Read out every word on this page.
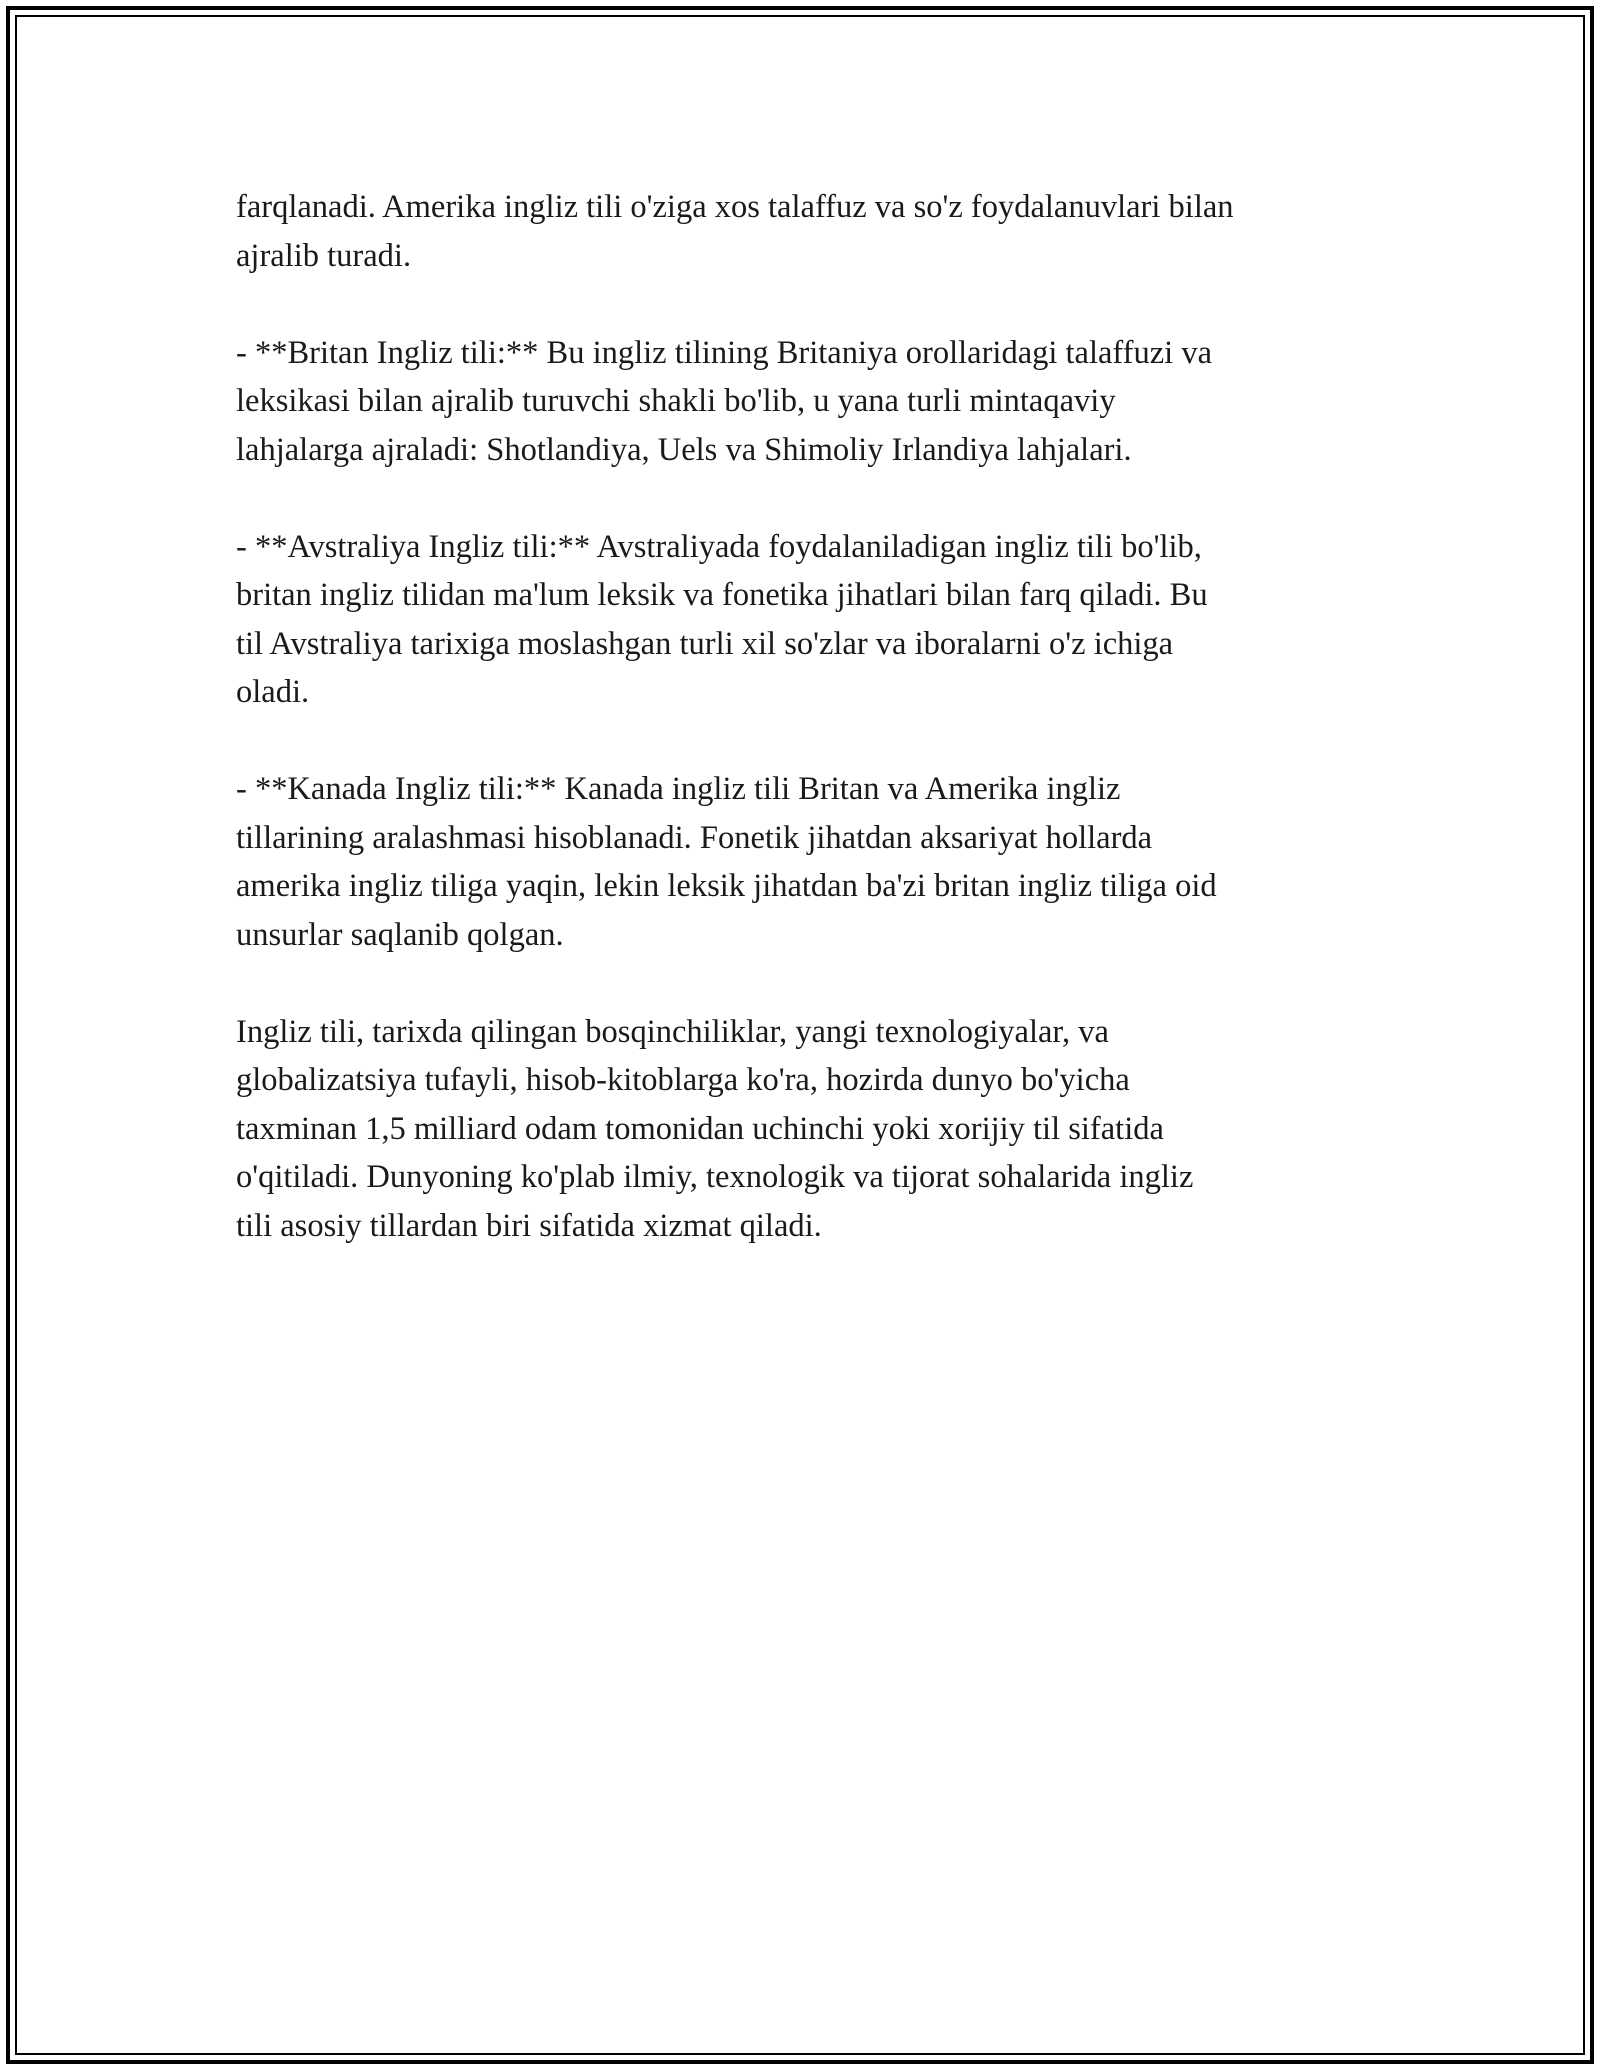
farqlanadi. Amerika ingliz tili o'ziga xos talaffuz va so'z foydalanuvlari bilan
ajralib turadi.

- **Britan Ingliz tili:** Bu ingliz tilining Britaniya orollaridagi talaffuzi va
leksikasi bilan ajralib turuvchi shakli bo'lib, u yana turli mintaqaviy
lahjalarga ajraladi: Shotlandiya, Uels va Shimoliy Irlandiya lahjalari.

- **Avstraliya Ingliz tili:** Avstraliyada foydalaniladigan ingliz tili bo'lib,
britan ingliz tilidan ma'lum leksik va fonetika jihatlari bilan farq qiladi. Bu
til Avstraliya tarixiga moslashgan turli xil so'zlar va iboralarni o'z ichiga
oladi.

- **Kanada Ingliz tili:** Kanada ingliz tili Britan va Amerika ingliz
tillarining aralashmasi hisoblanadi. Fonetik jihatdan aksariyat hollarda
amerika ingliz tiliga yaqin, lekin leksik jihatdan ba'zi britan ingliz tiliga oid
unsurlar saqlanib qolgan.

Ingliz tili, tarixda qilingan bosqinchiliklar, yangi texnologiyalar, va
globalizatsiya tufayli, hisob-kitoblarga ko'ra, hozirda dunyo bo'yicha
taxminan 1,5 milliard odam tomonidan uchinchi yoki xorijiy til sifatida
o'qitiladi. Dunyoning ko'plab ilmiy, texnologik va tijorat sohalarida ingliz
tili asosiy tillardan biri sifatida xizmat qiladi.
